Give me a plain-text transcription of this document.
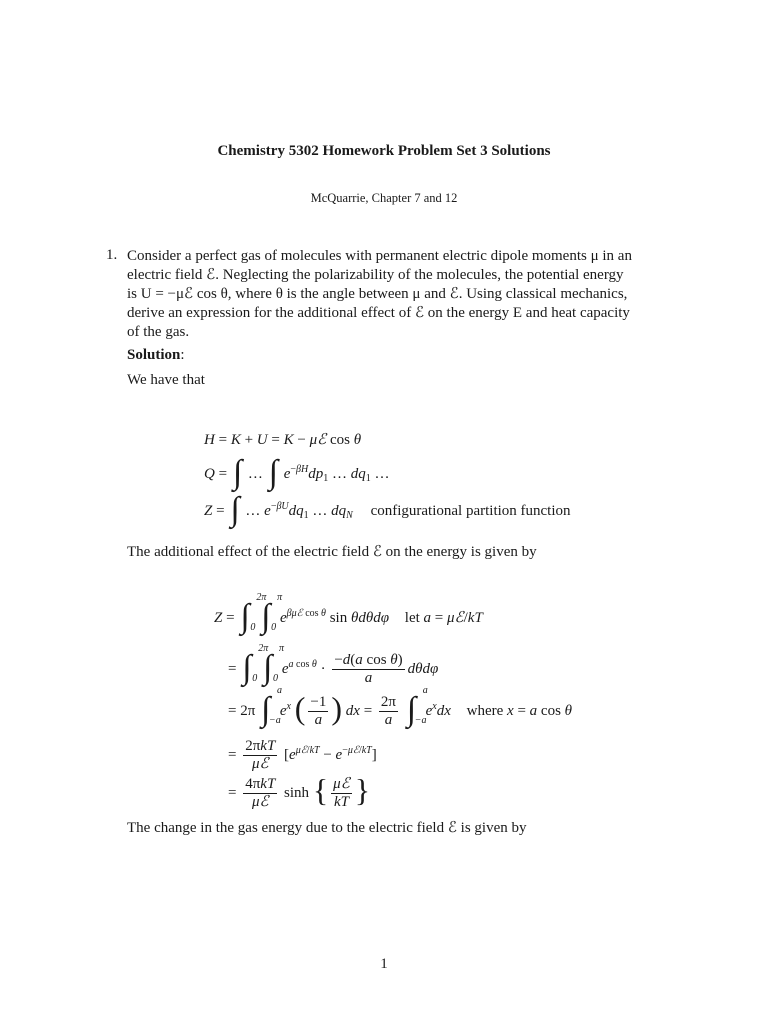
Chemistry 5302 Homework Problem Set 3 Solutions
McQuarrie, Chapter 7 and 12
1. Consider a perfect gas of molecules with permanent electric dipole moments μ in an
electric field ℰ. Neglecting the polarizability of the molecules, the potential energy
is U = −μℰ cos θ, where θ is the angle between μ and ℰ. Using classical mechanics,
derive an expression for the additional effect of ℰ on the energy E and heat capacity
of the gas.
Solution:
We have that
H = K + U = K − μℰ cos θ
Q = ∫ … ∫ $e^{-\beta H}dp_1$ … $dq_1$ …
Z = ∫ … $e^{-\beta U}dq_1$ … $dq_N$ configurational partition function
The additional effect of the electric field ℰ on the energy is given by
Z = ∫
2π
0 ∫
π
0
$e^{\beta\mu ℰ cos \theta}$ sin θdθdφ let a = μℰ/kT
= ∫
2π
0 ∫
π
0
$e^{a cos \theta} \cdot \frac{\text{−d(a cos θ)}}{a}$ dθdφ
= 2π ∫
a
−a
$e^x$ ( $\frac{-1}{a}$ ) dx = $\frac{2\pi}{a}$ ∫
a
−a
$e^xdx$ where x = a cos θ
= $\frac{\text{2πkT}}{\text{μℰ}} [e^{\mu ℰ/kT} - e^{-\mu ℰ/kT}]$
= $\frac{\text{4πkT}}{\text{μℰ}}$ sinh { $\frac{\text{μℰ}}{kT}$ }
The change in the gas energy due to the electric field ℰ is given by
1
